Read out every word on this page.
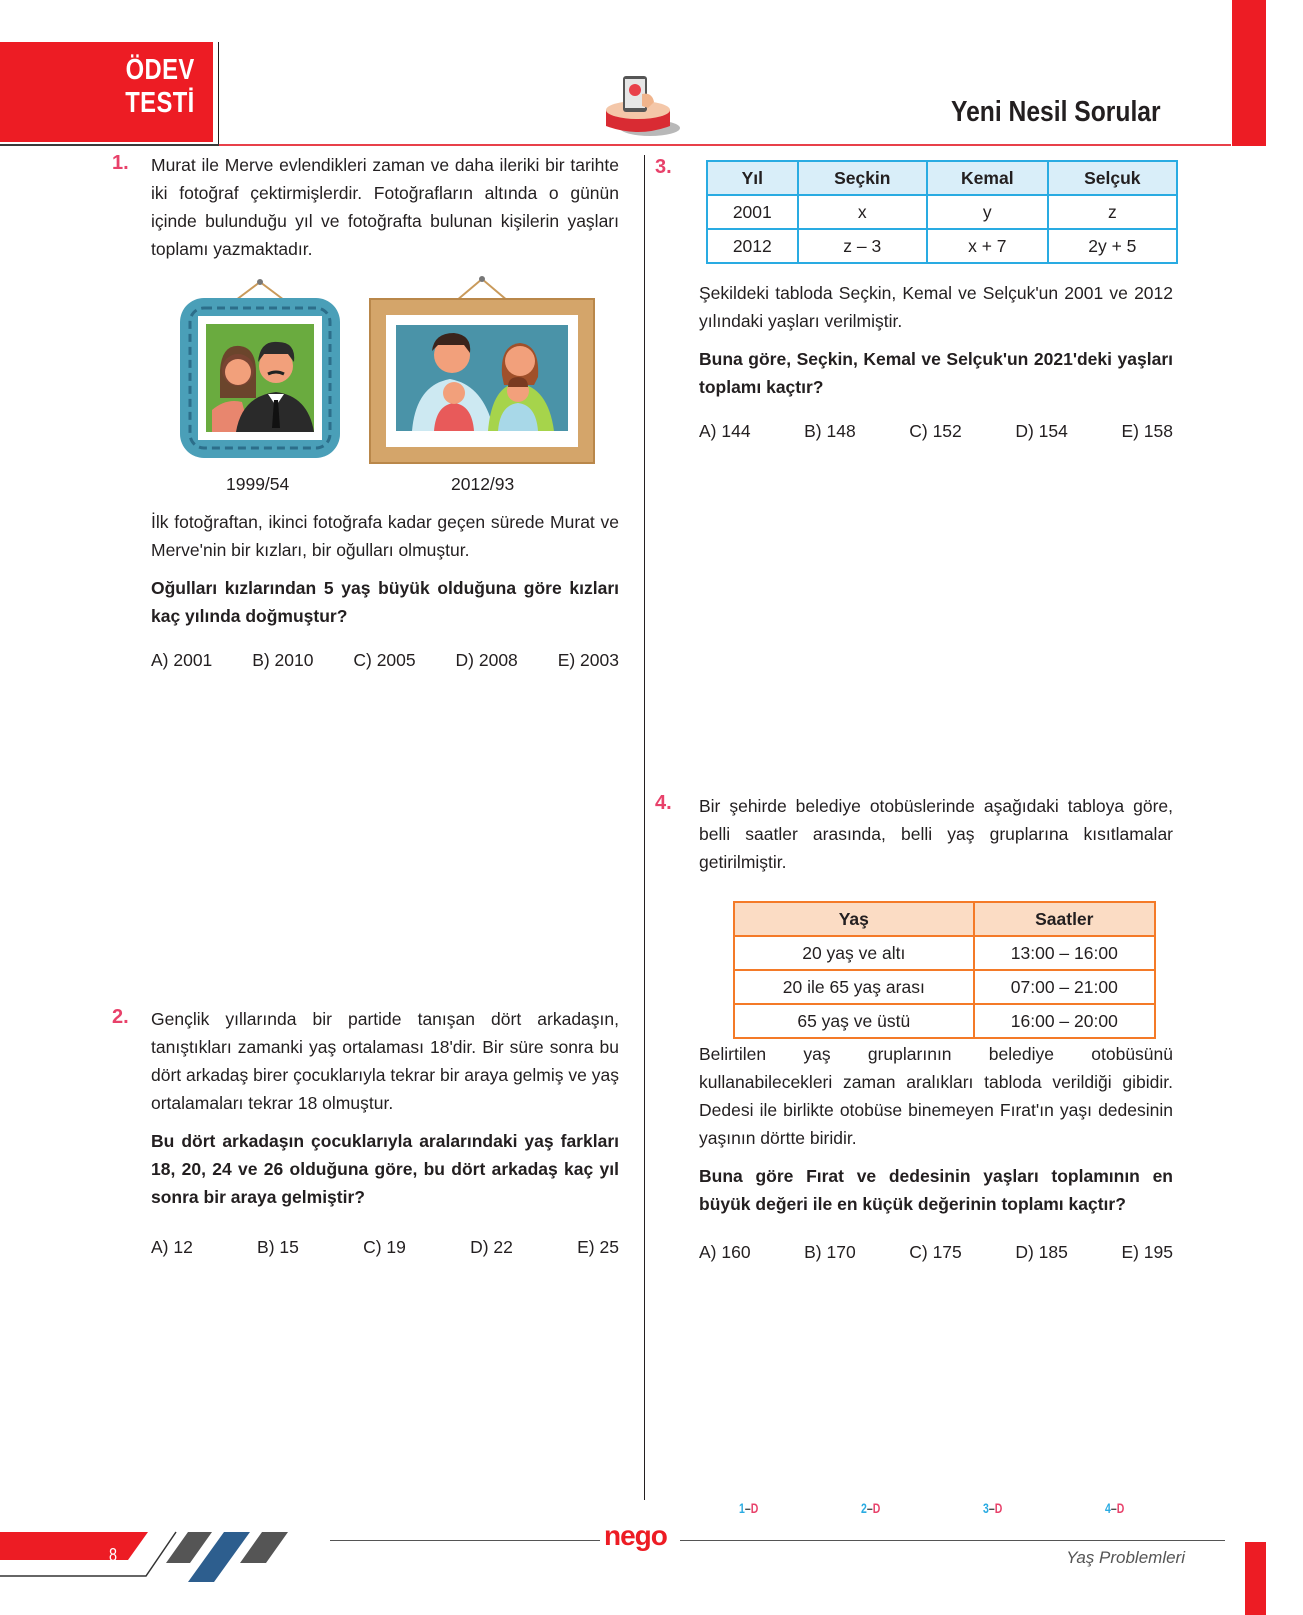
ÖDEV
TESTİ	Yeni Nesil Sorular
1. Murat ile Merve evlendikleri zaman ve daha ileriki bir tarihte iki fotoğraf çektirmişlerdir. Fotoğrafların altında o günün içinde bulunduğu yıl ve fotoğrafta bulunan kişilerin yaşları toplamı yazmaktadır.
1999/54	2012/93
İlk fotoğraftan, ikinci fotoğrafa kadar geçen sürede Murat ve Merve'nin bir kızları, bir oğulları olmuştur.
Oğulları kızlarından 5 yaş büyük olduğuna göre kızları kaç yılında doğmuştur?
A) 2001 B) 2010 C) 2005 D) 2008 E) 2003
2. Gençlik yıllarında bir partide tanışan dört arkadaşın, tanıştıkları zamanki yaş ortalaması 18'dir. Bir süre sonra bu dört arkadaş birer çocuklarıyla tekrar bir araya gelmiş ve yaş ortalamaları tekrar 18 olmuştur.
Bu dört arkadaşın çocuklarıyla aralarındaki yaş farkları 18, 20, 24 ve 26 olduğuna göre, bu dört arkadaş kaç yıl sonra bir araya gelmiştir?
A) 12	B) 15	C) 19	D) 22	E) 25
3.	Yıl	Seçkin	Kemal	Selçuk
2001	x	y	z
2012	z – 3	x + 7	2y + 5
Şekildeki tabloda Seçkin, Kemal ve Selçuk'un 2001 ve 2012 yılındaki yaşları verilmiştir.
Buna göre, Seçkin, Kemal ve Selçuk'un 2021'deki yaşları toplamı kaçtır?
A) 144	B) 148	C) 152	D) 154	E) 158
4. Bir şehirde belediye otobüslerinde aşağıdaki tabloya göre, belli saatler arasında, belli yaş gruplarına kısıtlamalar getirilmiştir.
Yaş	Saatler
20 yaş ve altı	13:00 – 16:00
20 ile 65 yaş arası	07:00 – 21:00
65 yaş ve üstü	16:00 – 20:00
Belirtilen yaş gruplarının belediye otobüsünü kullanabilecekleri zaman aralıkları tabloda verildiği gibidir. Dedesi ile birlikte otobüse binemeyen Fırat'ın yaşı dedesinin yaşının dörtte biridir.
Buna göre Fırat ve dedesinin yaşları toplamının en büyük değeri ile en küçük değerinin toplamı kaçtır?
A) 160	B) 170	C) 175	D) 185	E) 195
1–D	2–D	3–D	4–D
8
nego
Yaş Problemleri
